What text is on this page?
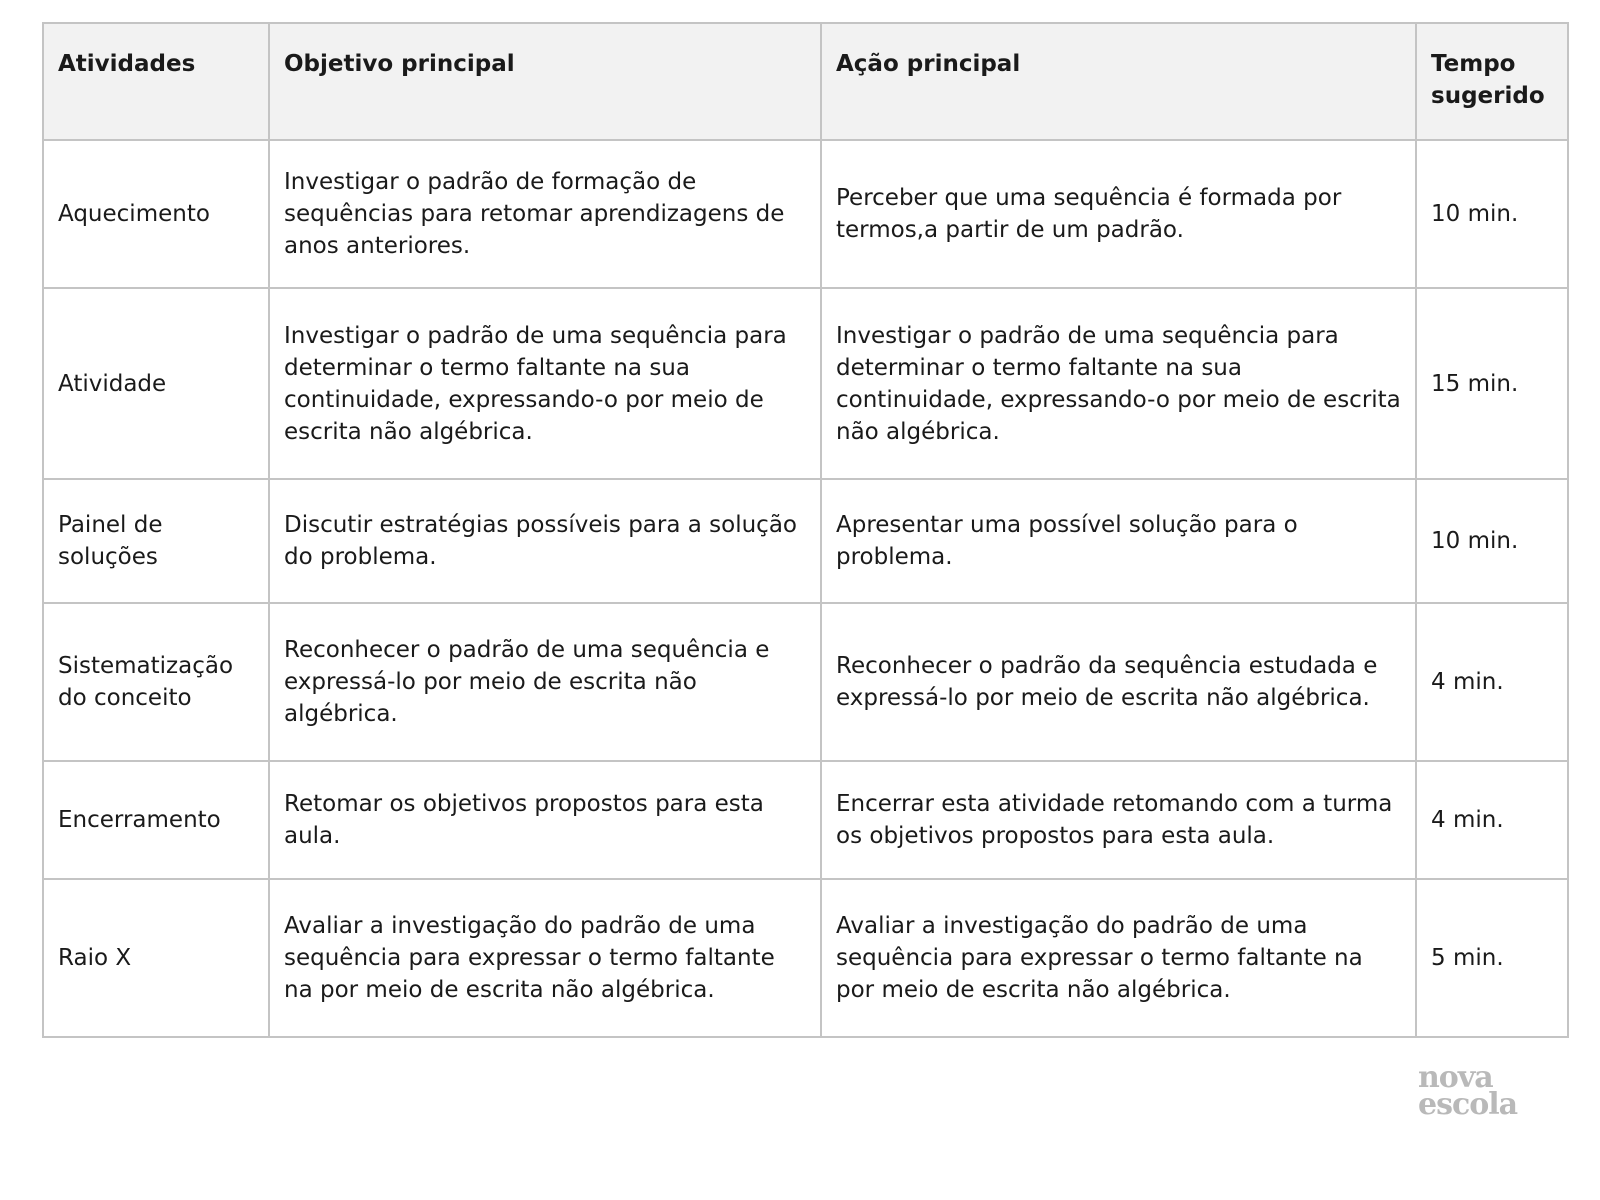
Atividades	Objetivo principal	Ação principal	Tempo sugerido
Aquecimento	Investigar o padrão de formação de sequências para retomar aprendizagens de anos anteriores.	Perceber que uma sequência é formada por termos,a partir de um padrão.	10 min.
Atividade	Investigar o padrão de uma sequência para determinar o termo faltante na sua continuidade, expressando-o por meio de escrita não algébrica.	Investigar o padrão de uma sequência para determinar o termo faltante na sua continuidade, expressando-o por meio de escrita não algébrica.	15 min.
Painel de soluções	Discutir estratégias possíveis para a solução do problema.	Apresentar uma possível solução para o problema.	10 min.
Sistematização do conceito	Reconhecer o padrão de uma sequência e expressá-lo por meio de escrita não algébrica.	Reconhecer o padrão da sequência estudada e expressá-lo por meio de escrita não algébrica.	4 min.
Encerramento	Retomar os objetivos propostos para esta aula.	Encerrar esta atividade retomando com a turma os objetivos propostos para esta aula.	4 min.
Raio X	Avaliar a investigação do padrão de uma sequência para expressar o termo faltante na por meio de escrita não algébrica.	Avaliar a investigação do padrão de uma sequência para expressar o termo faltante na por meio de escrita não algébrica.	5 min.
nova
escola
